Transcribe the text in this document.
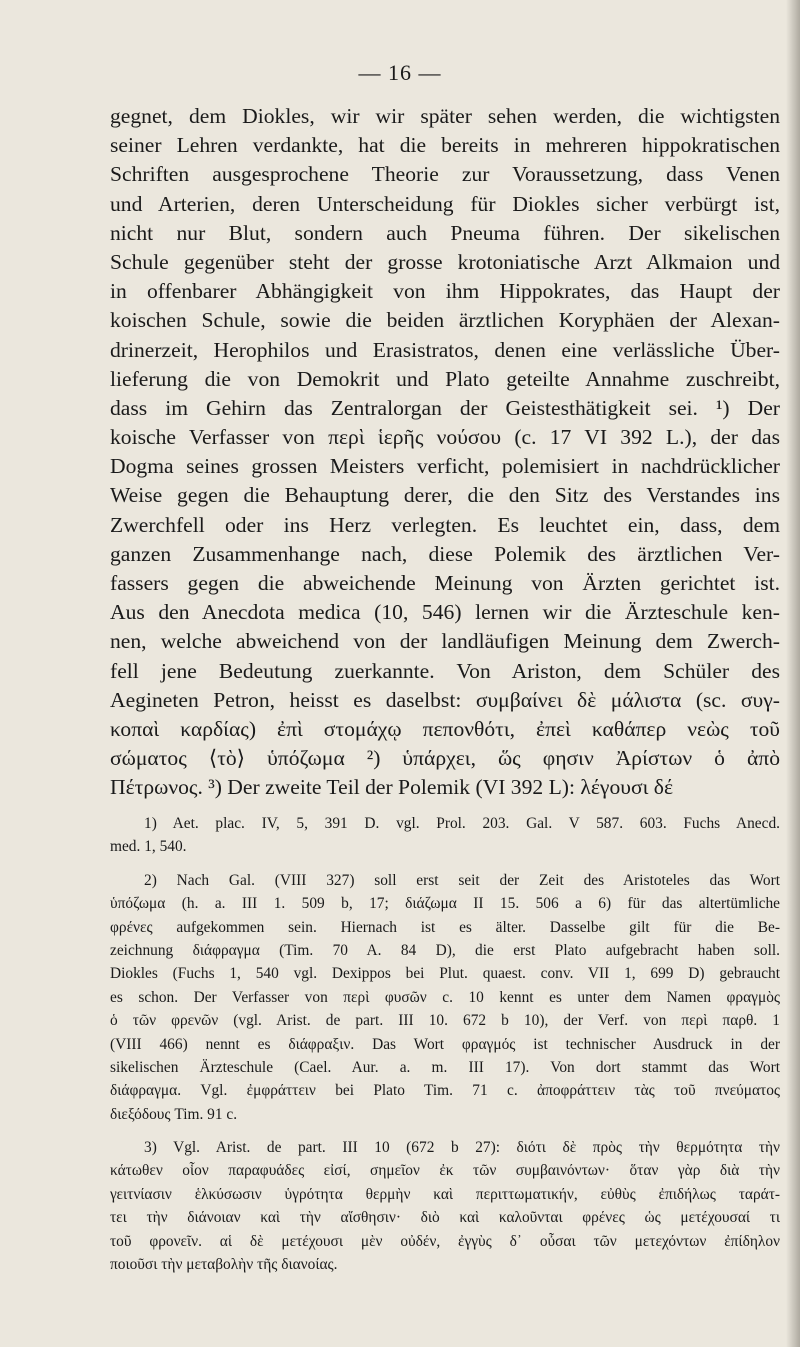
— 16 —
gegnet, dem Diokles, wir wir später sehen werden, die wichtigsten
seiner Lehren verdankte, hat die bereits in mehreren hippokratischen
Schriften ausgesprochene Theorie zur Voraussetzung, dass Venen
und Arterien, deren Unterscheidung für Diokles sicher verbürgt ist,
nicht nur Blut, sondern auch Pneuma führen. Der sikelischen
Schule gegenüber steht der grosse krotoniatische Arzt Alkmaion und
in offenbarer Abhängigkeit von ihm Hippokrates, das Haupt der
koischen Schule, sowie die beiden ärztlichen Koryphäen der Alexan-
drinerzeit, Herophilos und Erasistratos, denen eine verlässliche Über-
lieferung die von Demokrit und Plato geteilte Annahme zuschreibt,
dass im Gehirn das Zentralorgan der Geistesthätigkeit sei. ¹) Der
koische Verfasser von περὶ ἱερῆς νούσου (c. 17 VI 392 L.), der das
Dogma seines grossen Meisters verficht, polemisiert in nachdrücklicher
Weise gegen die Behauptung derer, die den Sitz des Verstandes ins
Zwerchfell oder ins Herz verlegten. Es leuchtet ein, dass, dem
ganzen Zusammenhange nach, diese Polemik des ärztlichen Ver-
fassers gegen die abweichende Meinung von Ärzten gerichtet ist.
Aus den Anecdota medica (10, 546) lernen wir die Ärzteschule ken-
nen, welche abweichend von der landläufigen Meinung dem Zwerch-
fell jene Bedeutung zuerkannte. Von Ariston, dem Schüler des
Aegineten Petron, heisst es daselbst: συμβαίνει δὲ μάλιστα (sc. συγ-
κοπαὶ καρδίας) ἐπὶ στομάχῳ πεπονθότι, ἐπεὶ καθάπερ νεὼς τοῦ
σώματος ⟨τὸ⟩ ὑπόζωμα ²) ὑπάρχει, ὥς φησιν Ἀρίστων ὁ ἀπὸ
Πέτρωνος. ³) Der zweite Teil der Polemik (VI 392 L): λέγουσι δέ
1) Aet. plac. IV, 5, 391 D. vgl. Prol. 203. Gal. V 587. 603. Fuchs Anecd.
med. 1, 540.
2) Nach Gal. (VIII 327) soll erst seit der Zeit des Aristoteles das Wort
ὑπόζωμα (h. a. III 1. 509 b, 17; διάζωμα II 15. 506 a 6) für das altertümliche
φρένες aufgekommen sein. Hiernach ist es älter. Dasselbe gilt für die Be-
zeichnung διάφραγμα (Tim. 70 A. 84 D), die erst Plato aufgebracht haben soll.
Diokles (Fuchs 1, 540 vgl. Dexippos bei Plut. quaest. conv. VII 1, 699 D) gebraucht
es schon. Der Verfasser von περὶ φυσῶν c. 10 kennt es unter dem Namen φραγμὸς
ὁ τῶν φρενῶν (vgl. Arist. de part. III 10. 672 b 10), der Verf. von περὶ παρθ. 1
(VIII 466) nennt es διάφραξιν. Das Wort φραγμός ist technischer Ausdruck in der
sikelischen Ärzteschule (Cael. Aur. a. m. III 17). Von dort stammt das Wort
διάφραγμα. Vgl. ἐμφράττειν bei Plato Tim. 71 c. ἀποφράττειν τὰς τοῦ πνεύματος
διεξόδους Tim. 91 c.
3) Vgl. Arist. de part. III 10 (672 b 27): διότι δὲ πρὸς τὴν θερμότητα τὴν
κάτωθεν οἷον παραφυάδες εἰσί, σημεῖον ἐκ τῶν συμβαινόντων· ὅταν γὰρ διὰ τὴν
γειτνίασιν ἑλκύσωσιν ὑγρότητα θερμὴν καὶ περιττωματικήν, εὐθὺς ἐπιδήλως ταράτ-
τει τὴν διάνοιαν καὶ τὴν αἴσθησιν· διὸ καὶ καλοῦνται φρένες ὡς μετέχουσαί τι
τοῦ φρονεῖν. αἱ δὲ μετέχουσι μὲν οὐδέν, ἐγγὺς δ᾽ οὖσαι τῶν μετεχόντων ἐπίδηλον
ποιοῦσι τὴν μεταβολὴν τῆς διανοίας.
